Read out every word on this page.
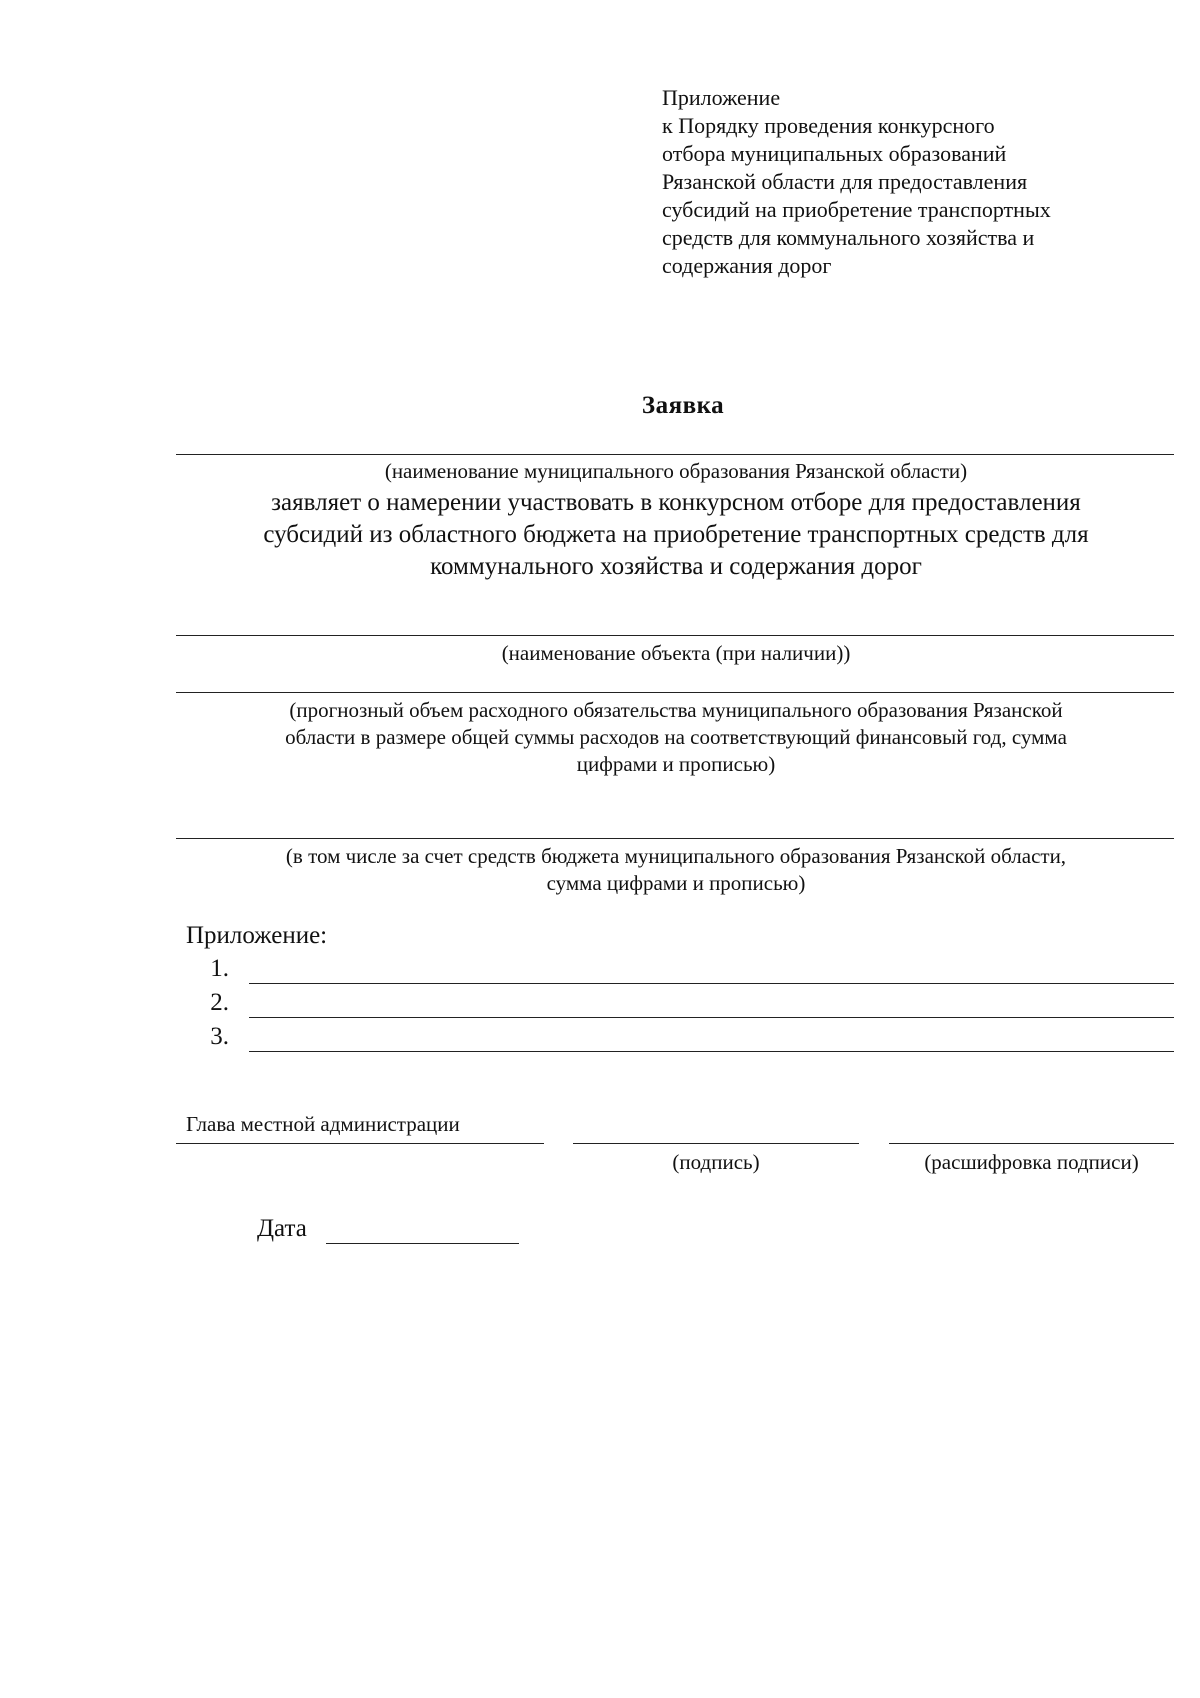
Приложение
к Порядку проведения конкурсного
отбора муниципальных образований
Рязанской области для предоставления
субсидий на приобретение транспортных
средств для коммунального хозяйства и
содержания дорог
Заявка
(наименование муниципального образования Рязанской области)
заявляет о намерении участвовать в конкурсном отборе для предоставления
субсидий из областного бюджета на приобретение транспортных средств для
коммунального хозяйства и содержания дорог
(наименование объекта (при наличии))
(прогнозный объем расходного обязательства муниципального образования Рязанской
области в размере общей суммы расходов на соответствующий финансовый год, сумма
цифрами и прописью)
(в том числе за счет средств бюджета муниципального образования Рязанской области,
сумма цифрами и прописью)
Приложение:
1.
2.
3.
Глава местной администрации
(подпись)	(расшифровка подписи)
Дата
